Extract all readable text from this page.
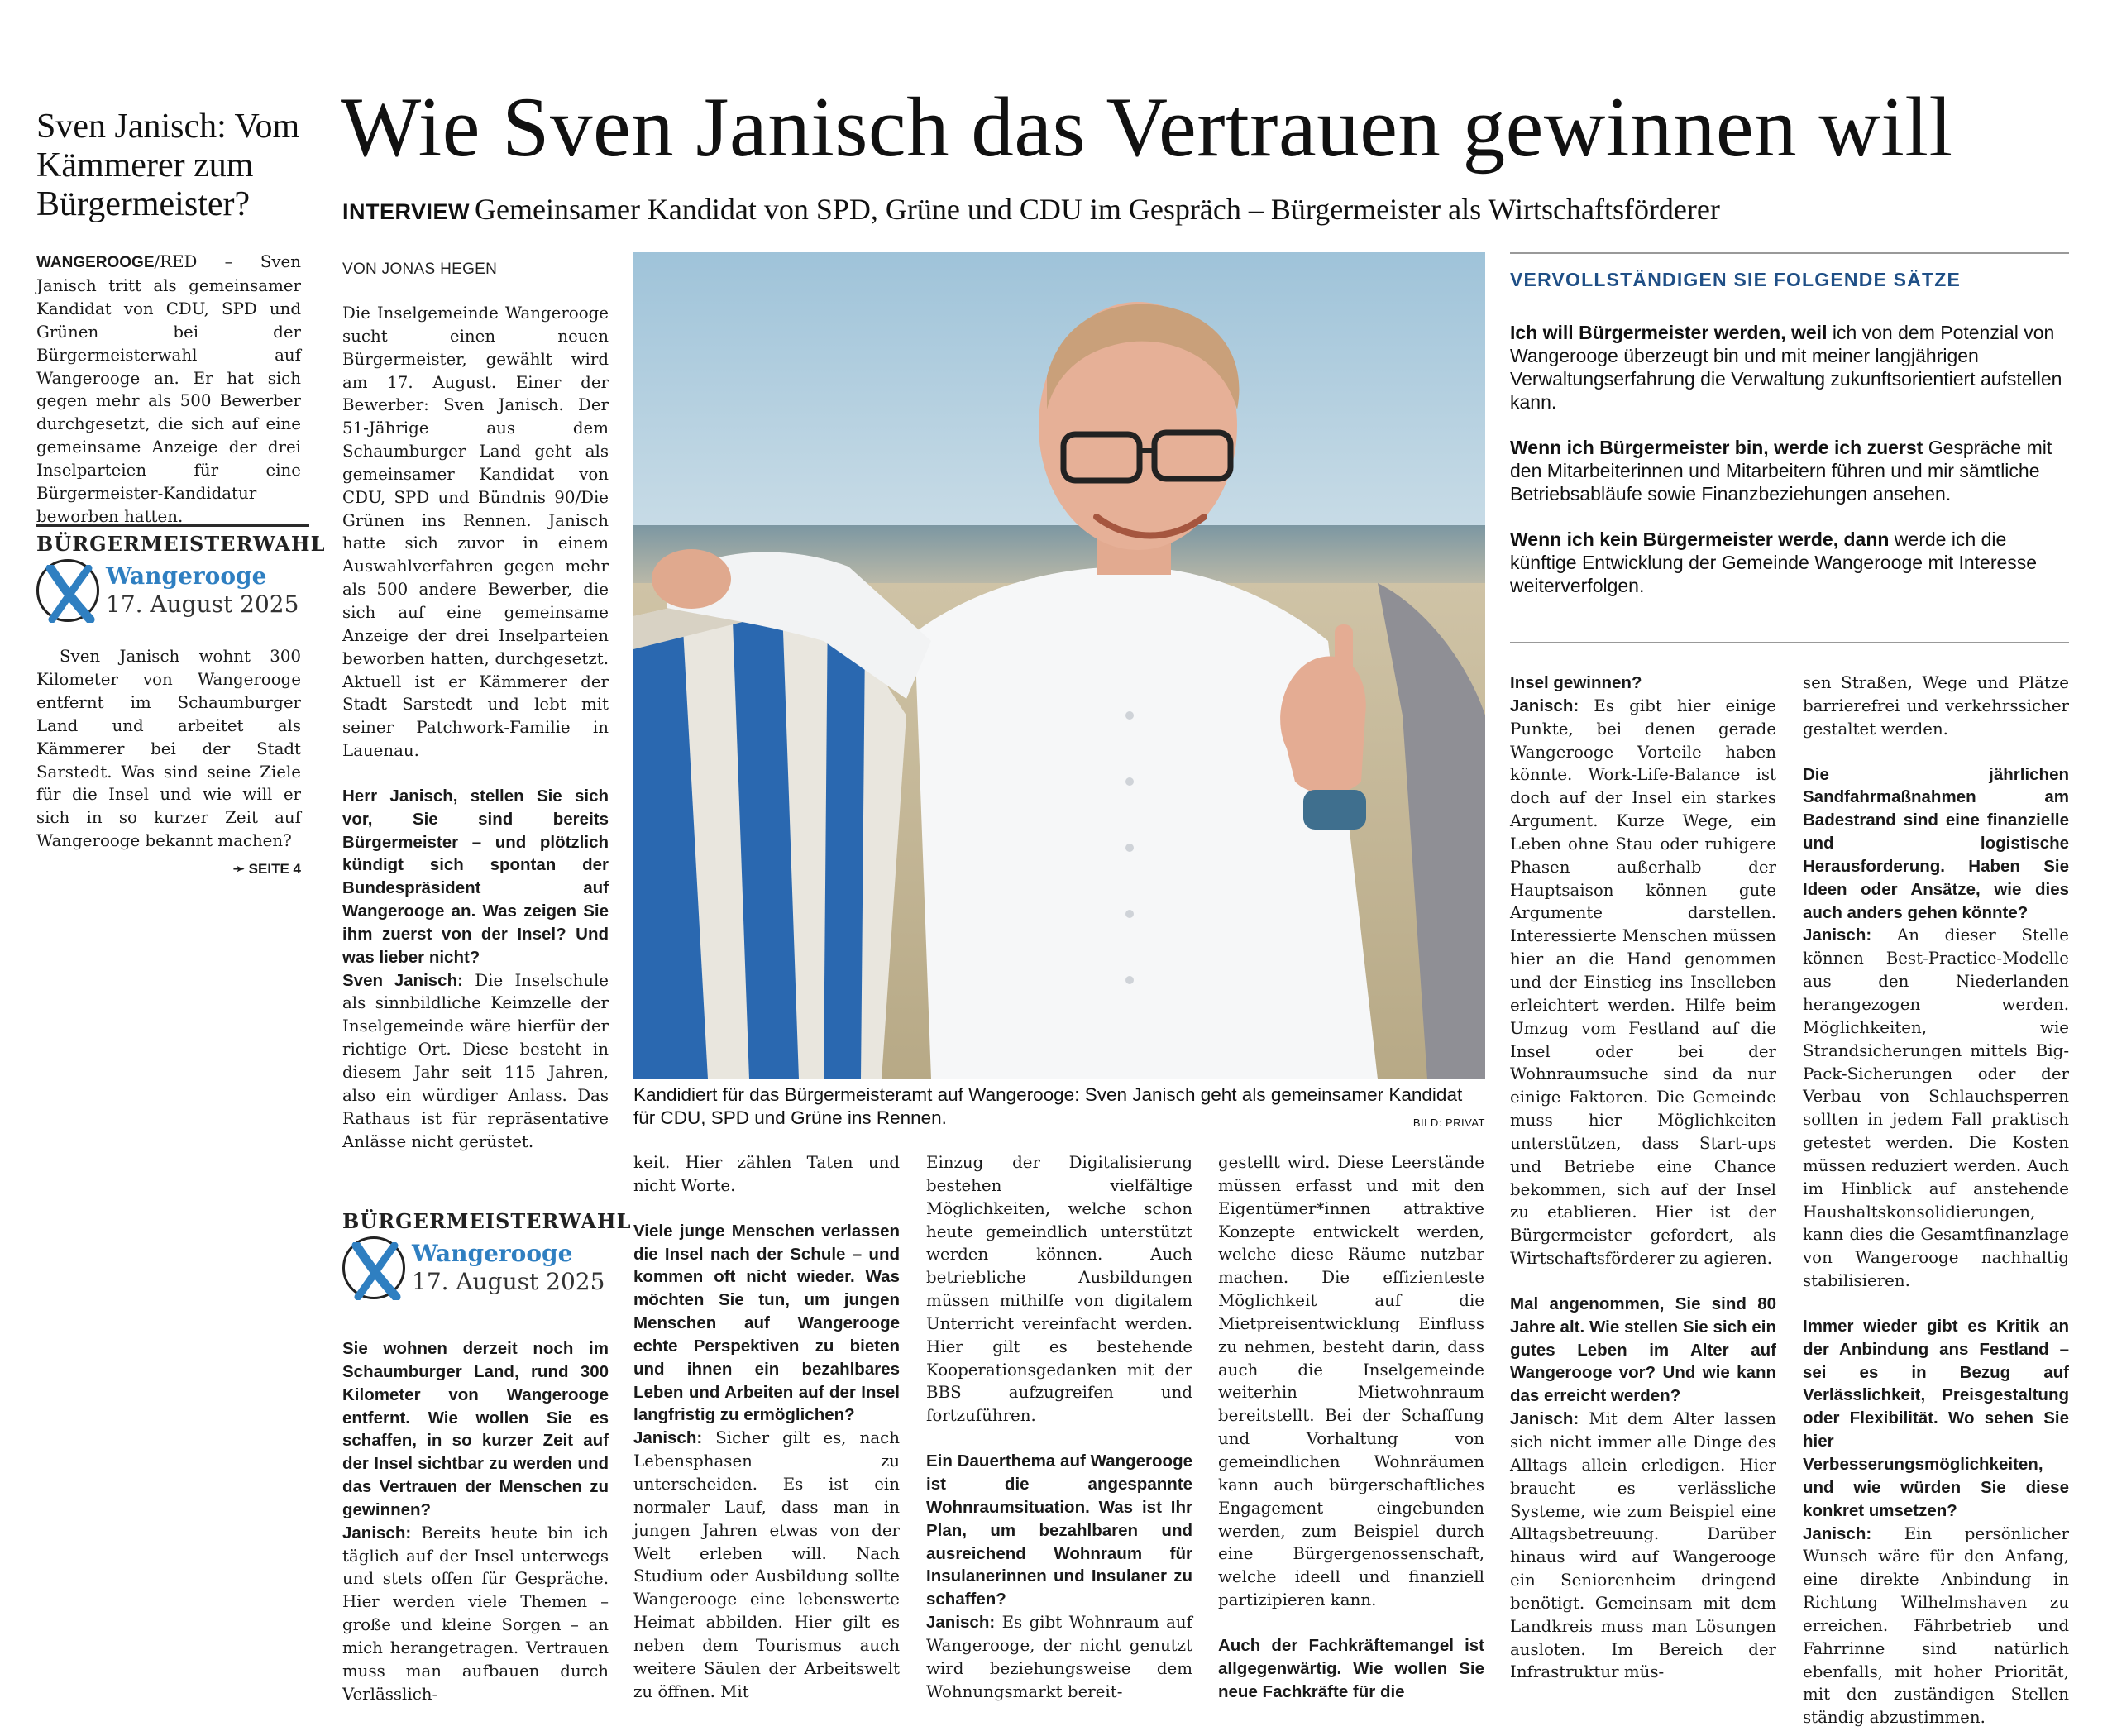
Sven Janisch: Vom Kämmerer zum Bürgermeister?
WANGEROOGE/RED – Sven Janisch tritt als gemeinsamer Kandidat von CDU, SPD und Grünen bei der Bürgermeisterwahl auf Wangerooge an. Er hat sich gegen mehr als 500 Bewerber durchgesetzt, die sich auf eine gemeinsame Anzeige der drei Inselparteien für eine Bürgermeister-Kandidatur beworben hatten.
BÜRGERMEISTERWAHL
Wangerooge
17. August 2025
Sven Janisch wohnt 300 Kilometer von Wangerooge entfernt im Schaumburger Land und arbeitet als Kämmerer bei der Stadt Sarstedt. Was sind seine Ziele für die Insel und wie will er sich in so kurzer Zeit auf Wangerooge bekannt machen?
➛ SEITE 4
Wie Sven Janisch das Vertrauen gewinnen will
INTERVIEW Gemeinsamer Kandidat von SPD, Grüne und CDU im Gespräch – Bürgermeister als Wirtschaftsförderer
VON JONAS HEGEN

Die Inselgemeinde Wangerooge sucht einen neuen Bürgermeister, gewählt wird am 17. August. Einer der Bewerber: Sven Janisch. Der 51-Jährige aus dem Schaumburger Land geht als gemeinsamer Kandidat von CDU, SPD und Bündnis 90/Die Grünen ins Rennen. Janisch hatte sich zuvor in einem Auswahlverfahren gegen mehr als 500 andere Bewerber, die sich auf eine gemeinsame Anzeige der drei Inselparteien beworben hatten, durchgesetzt. Aktuell ist er Kämmerer der Stadt Sarstedt und lebt mit seiner Patchwork-Familie in Lauenau.

Herr Janisch, stellen Sie sich vor, Sie sind bereits Bürgermeister – und plötzlich kündigt sich spontan der Bundespräsident auf Wangerooge an. Was zeigen Sie ihm zuerst von der Insel? Und was lieber nicht?

Sven Janisch: Die Inselschule als sinnbildliche Keimzelle der Inselgemeinde wäre hierfür der richtige Ort. Diese besteht in diesem Jahr seit 115 Jahren, also ein würdiger Anlass. Das Rathaus ist für repräsentative Anlässe nicht gerüstet.

BÜRGERMEISTERWAHL
Wangerooge
17. August 2025

Sie wohnen derzeit noch im Schaumburger Land, rund 300 Kilometer von Wangerooge entfernt. Wie wollen Sie es schaffen, in so kurzer Zeit auf der Insel sichtbar zu werden und das Vertrauen der Menschen zu gewinnen?

Janisch: Bereits heute bin ich täglich auf der Insel unterwegs und stets offen für Gespräche. Hier werden viele Themen – große und kleine Sorgen – an mich herangetragen. Vertrauen muss man aufbauen durch Verlässlich-

Kandidiert für das Bürgermeisteramt auf Wangerooge: Sven Janisch geht als gemeinsamer Kandidat für CDU, SPD und Grüne ins Rennen.	BILD: PRIVAT

keit. Hier zählen Taten und nicht Worte.

Viele junge Menschen verlassen die Insel nach der Schule – und kommen oft nicht wieder. Was möchten Sie tun, um jungen Menschen auf Wangerooge echte Perspektiven zu bieten und ihnen ein bezahlbares Leben und Arbeiten auf der Insel langfristig zu ermöglichen?

Janisch: Sicher gilt es, nach Lebensphasen zu unterscheiden. Es ist ein normaler Lauf, dass man in jungen Jahren etwas von der Welt erleben will. Nach Studium oder Ausbildung sollte Wangerooge eine lebenswerte Heimat abbilden. Hier gilt es neben dem Tourismus auch weitere Säulen der Arbeitswelt zu öffnen. Mit

Einzug der Digitalisierung bestehen vielfältige Möglichkeiten, welche schon heute gemeindlich unterstützt werden können. Auch betriebliche Ausbildungen müssen mithilfe von digitalem Unterricht vereinfacht werden. Hier gilt es bestehende Kooperationsgedanken mit der BBS aufzugreifen und fortzuführen.

Ein Dauerthema auf Wangerooge ist die angespannte Wohnraumsituation. Was ist Ihr Plan, um bezahlbaren und ausreichend Wohnraum für Insulanerinnen und Insulaner zu schaffen?

Janisch: Es gibt Wohnraum auf Wangerooge, der nicht genutzt wird beziehungsweise dem Wohnungsmarkt bereit-

gestellt wird. Diese Leerstände müssen erfasst und mit den Eigentümer*innen attraktive Konzepte entwickelt werden, welche diese Räume nutzbar machen. Die effizienteste Möglichkeit auf die Mietpreisentwicklung Einfluss zu nehmen, besteht darin, dass auch die Inselgemeinde weiterhin Mietwohnraum bereitstellt. Bei der Schaffung und Vorhaltung von gemeindlichen Wohnräumen kann auch bürgerschaftliches Engagement eingebunden werden, zum Beispiel durch eine Bürgergenossenschaft, welche ideell und finanziell partizipieren kann.

Auch der Fachkräftemangel ist allgegenwärtig. Wie wollen Sie neue Fachkräfte für die

VERVOLLSTÄNDIGEN SIE FOLGENDE SÄTZE

Ich will Bürgermeister werden, weil ich von dem Potenzial von Wangerooge überzeugt bin und mit meiner langjährigen Verwaltungserfahrung die Verwaltung zukunftsorientiert aufstellen kann.

Wenn ich Bürgermeister bin, werde ich zuerst Gespräche mit den Mitarbeiterinnen und Mitarbeitern führen und mir sämtliche Betriebsabläufe sowie Finanzbeziehungen ansehen.

Wenn ich kein Bürgermeister werde, dann werde ich die künftige Entwicklung der Gemeinde Wangerooge mit Interesse weiterverfolgen.

Insel gewinnen?

Janisch: Es gibt hier einige Punkte, bei denen gerade Wangerooge Vorteile haben könnte. Work-Life-Balance ist doch auf der Insel ein starkes Argument. Kurze Wege, ein Leben ohne Stau oder ruhigere Phasen außerhalb der Hauptsaison können gute Argumente darstellen. Interessierte Menschen müssen hier an die Hand genommen und der Einstieg ins Inselleben erleichtert werden. Hilfe beim Umzug vom Festland auf die Insel oder bei der Wohnraumsuche sind da nur einige Faktoren. Die Gemeinde muss hier Möglichkeiten unterstützen, dass Start-ups und Betriebe eine Chance bekommen, sich auf der Insel zu etablieren. Hier ist der Bürgermeister gefordert, als Wirtschaftsförderer zu agieren.

Mal angenommen, Sie sind 80 Jahre alt. Wie stellen Sie sich ein gutes Leben im Alter auf Wangerooge vor? Und wie kann das erreicht werden?

Janisch: Mit dem Alter lassen sich nicht immer alle Dinge des Alltags allein erledigen. Hier braucht es verlässliche Systeme, wie zum Beispiel eine Alltagsbetreuung. Darüber hinaus wird auf Wangerooge ein Seniorenheim dringend benötigt. Gemeinsam mit dem Landkreis muss man Lösungen ausloten. Im Bereich der Infrastruktur müs-

sen Straßen, Wege und Plätze barrierefrei und verkehrssicher gestaltet werden.

Die jährlichen Sandfahrmaßnahmen am Badestrand sind eine finanzielle und logistische Herausforderung. Haben Sie Ideen oder Ansätze, wie dies auch anders gehen könnte?

Janisch: An dieser Stelle können Best-Practice-Modelle aus den Niederlanden herangezogen werden. Möglichkeiten, wie Strandsicherungen mittels Big-Pack-Sicherungen oder der Verbau von Schlauchsperren sollten in jedem Fall praktisch getestet werden. Die Kosten müssen reduziert werden. Auch im Hinblick auf anstehende Haushaltskonsolidierungen, kann dies die Gesamtfinanzlage von Wangerooge nachhaltig stabilisieren.

Immer wieder gibt es Kritik an der Anbindung ans Festland – sei es in Bezug auf Verlässlichkeit, Preisgestaltung oder Flexibilität. Wo sehen Sie hier Verbesserungsmöglichkeiten, und wie würden Sie diese konkret umsetzen?

Janisch: Ein persönlicher Wunsch wäre für den Anfang, eine direkte Anbindung in Richtung Wilhelmshaven zu erreichen. Fährbetrieb und Fahrrinne sind natürlich ebenfalls, mit hoher Priorität, mit den zuständigen Stellen ständig abzustimmen.
